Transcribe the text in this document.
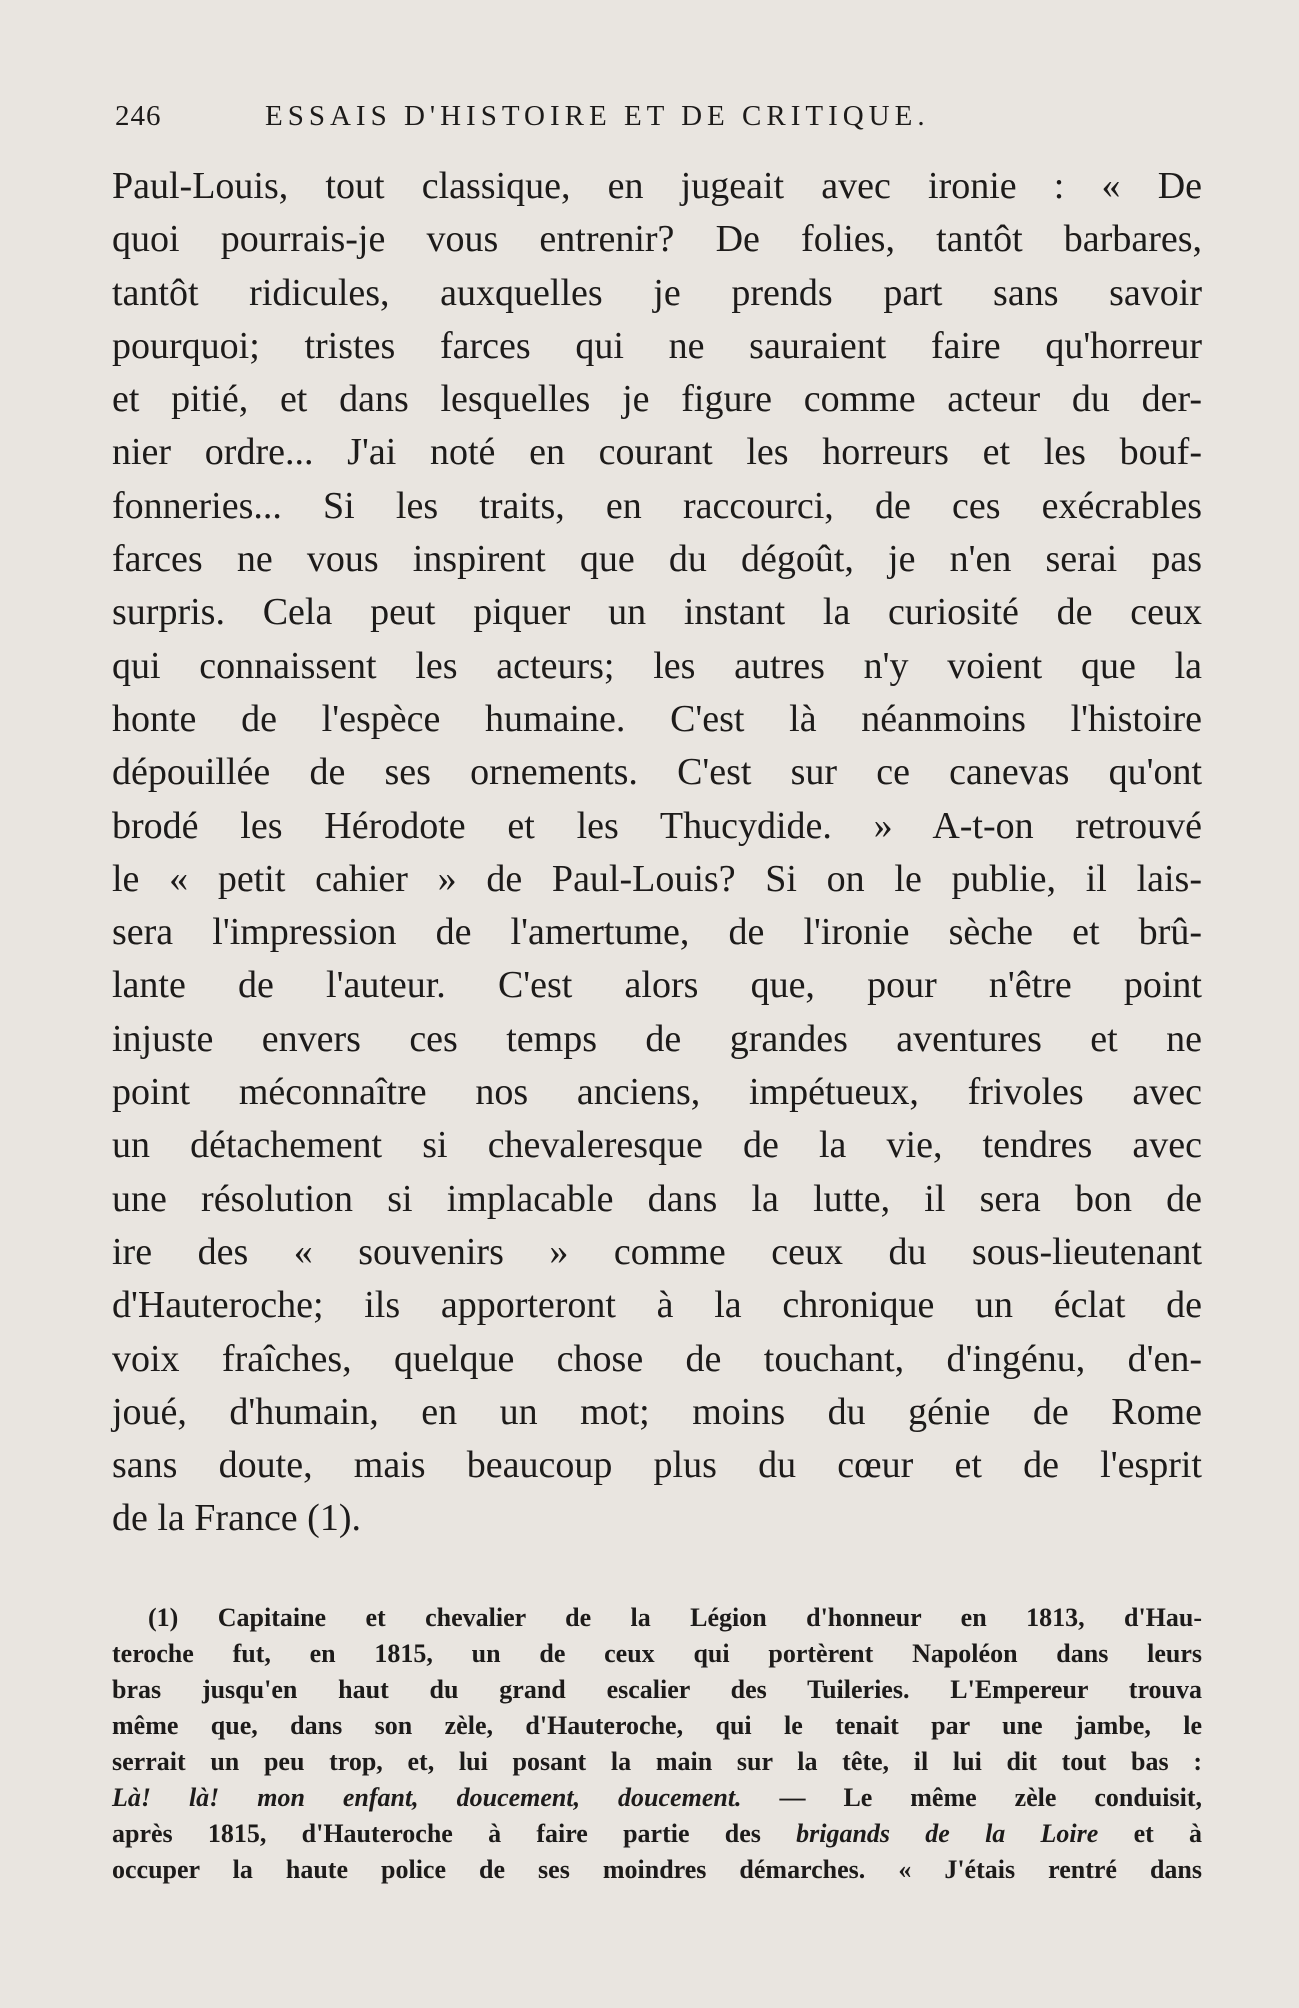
246	ESSAIS D'HISTOIRE ET DE CRITIQUE.
Paul-Louis, tout classique, en jugeait avec ironie : « De
quoi pourrais-je vous entrenir? De folies, tantôt barbares,
tantôt ridicules, auxquelles je prends part sans savoir
pourquoi; tristes farces qui ne sauraient faire qu'horreur
et pitié, et dans lesquelles je figure comme acteur du der-
nier ordre... J'ai noté en courant les horreurs et les bouf-
fonneries... Si les traits, en raccourci, de ces exécrables
farces ne vous inspirent que du dégoût, je n'en serai pas
surpris. Cela peut piquer un instant la curiosité de ceux
qui connaissent les acteurs; les autres n'y voient que la
honte de l'espèce humaine. C'est là néanmoins l'histoire
dépouillée de ses ornements. C'est sur ce canevas qu'ont
brodé les Hérodote et les Thucydide. » A-t-on retrouvé
le « petit cahier » de Paul-Louis? Si on le publie, il lais-
sera l'impression de l'amertume, de l'ironie sèche et brû-
lante de l'auteur. C'est alors que, pour n'être point
injuste envers ces temps de grandes aventures et ne
point méconnaître nos anciens, impétueux, frivoles avec
un détachement si chevaleresque de la vie, tendres avec
une résolution si implacable dans la lutte, il sera bon de
ire des « souvenirs » comme ceux du sous-lieutenant
d'Hauteroche; ils apporteront à la chronique un éclat de
voix fraîches, quelque chose de touchant, d'ingénu, d'en-
joué, d'humain, en un mot; moins du génie de Rome
sans doute, mais beaucoup plus du cœur et de l'esprit
de la France (1).
(1) Capitaine et chevalier de la Légion d'honneur en 1813, d'Hau-
teroche fut, en 1815, un de ceux qui portèrent Napoléon dans leurs
bras jusqu'en haut du grand escalier des Tuileries. L'Empereur trouva
même que, dans son zèle, d'Hauteroche, qui le tenait par une jambe, le
serrait un peu trop, et, lui posant la main sur la tête, il lui dit tout bas :
Là! là! mon enfant, doucement, doucement. — Le même zèle conduisit,
après 1815, d'Hauteroche à faire partie des brigands de la Loire et à
occuper la haute police de ses moindres démarches. « J'étais rentré dans
